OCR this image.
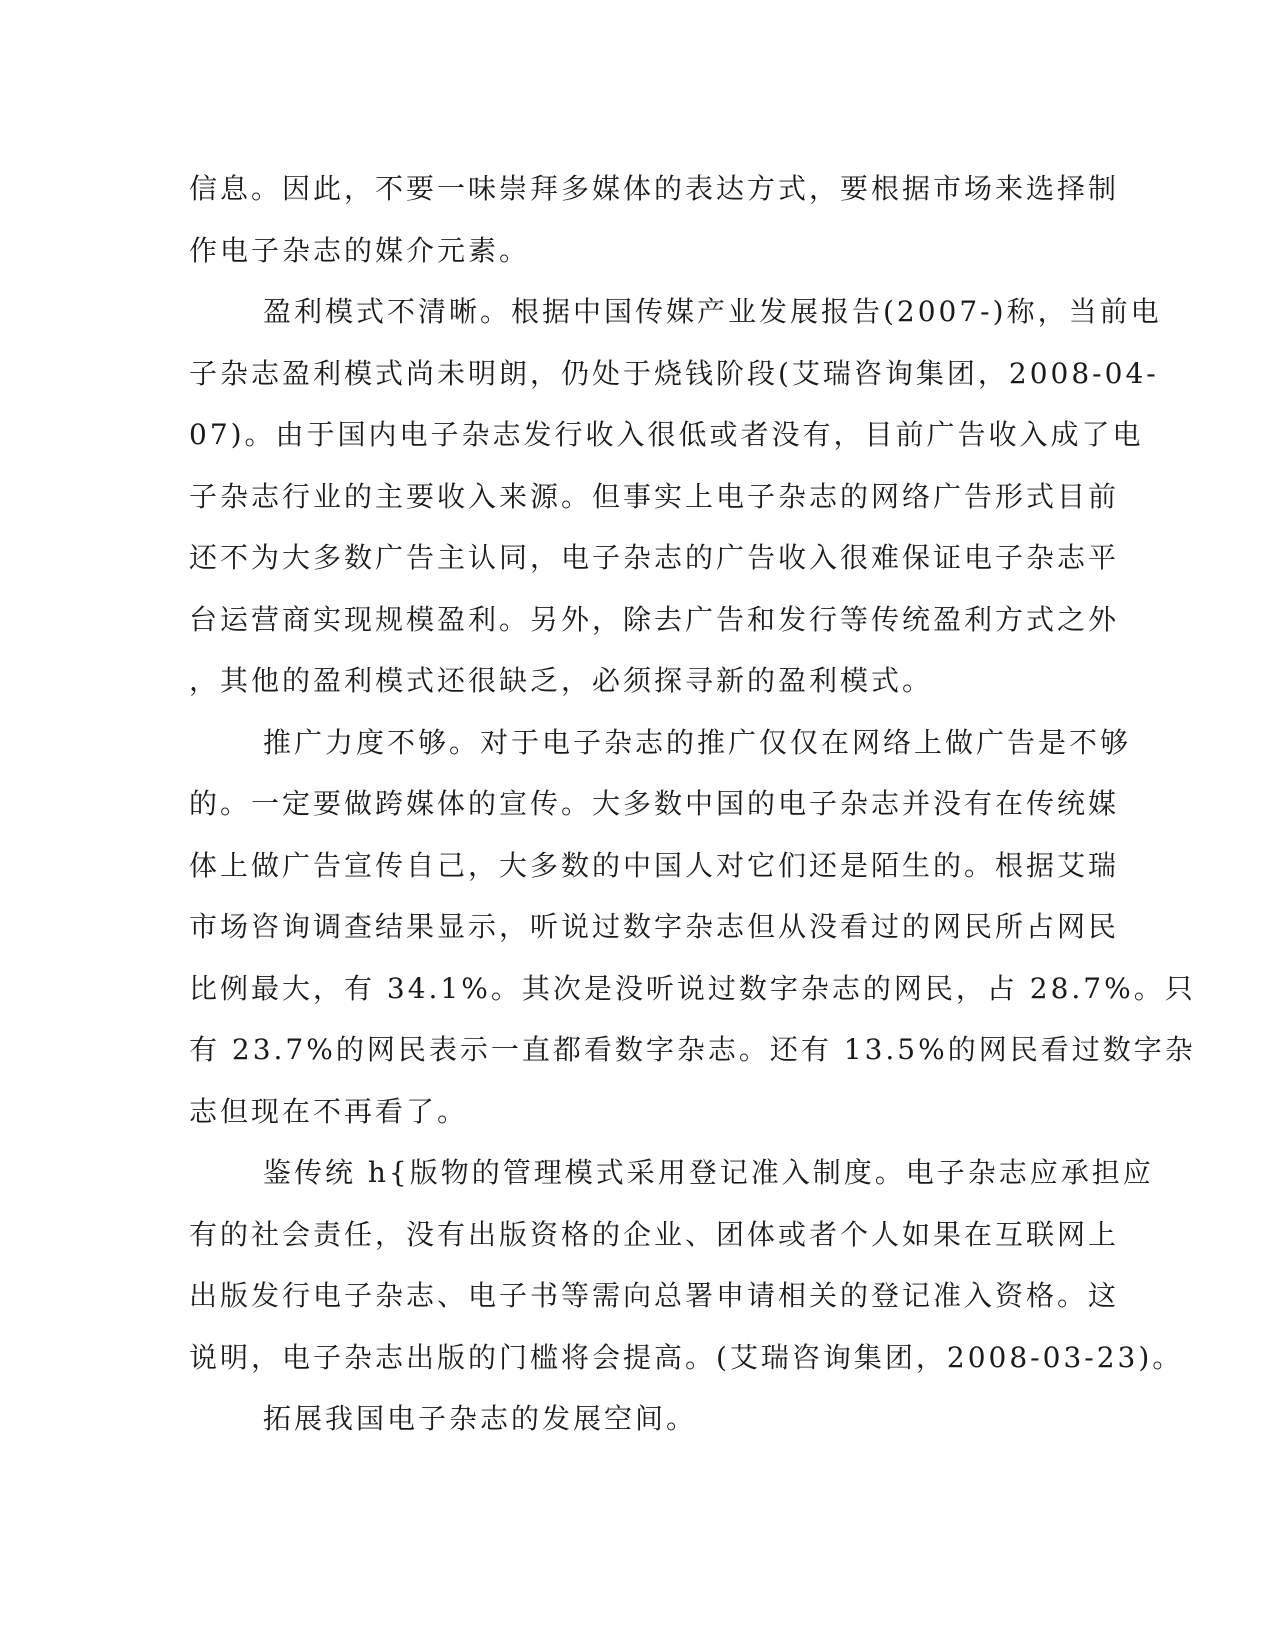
信息。因此，不要一味崇拜多媒体的表达方式，要根据市场来选择制
作电子杂志的媒介元素。
盈利模式不清晰。根据中国传媒产业发展报告(2007-)称，当前电
子杂志盈利模式尚未明朗，仍处于烧钱阶段(艾瑞咨询集团，2008-04-
07)。由于国内电子杂志发行收入很低或者没有，目前广告收入成了电
子杂志行业的主要收入来源。但事实上电子杂志的网络广告形式目前
还不为大多数广告主认同，电子杂志的广告收入很难保证电子杂志平
台运营商实现规模盈利。另外，除去广告和发行等传统盈利方式之外
，其他的盈利模式还很缺乏，必须探寻新的盈利模式。
推广力度不够。对于电子杂志的推广仅仅在网络上做广告是不够
的。一定要做跨媒体的宣传。大多数中国的电子杂志并没有在传统媒
体上做广告宣传自己，大多数的中国人对它们还是陌生的。根据艾瑞
市场咨询调查结果显示，听说过数字杂志但从没看过的网民所占网民
比例最大，有 34.1%。其次是没听说过数字杂志的网民，占 28.7%。只
有 23.7%的网民表示一直都看数字杂志。还有 13.5%的网民看过数字杂
志但现在不再看了。
鉴传统 h{版物的管理模式采用登记准入制度。电子杂志应承担应
有的社会责任，没有出版资格的企业、团体或者个人如果在互联网上
出版发行电子杂志、电子书等需向总署申请相关的登记准入资格。这
说明，电子杂志出版的门槛将会提高。(艾瑞咨询集团，2008-03-23)。
拓展我国电子杂志的发展空间。
